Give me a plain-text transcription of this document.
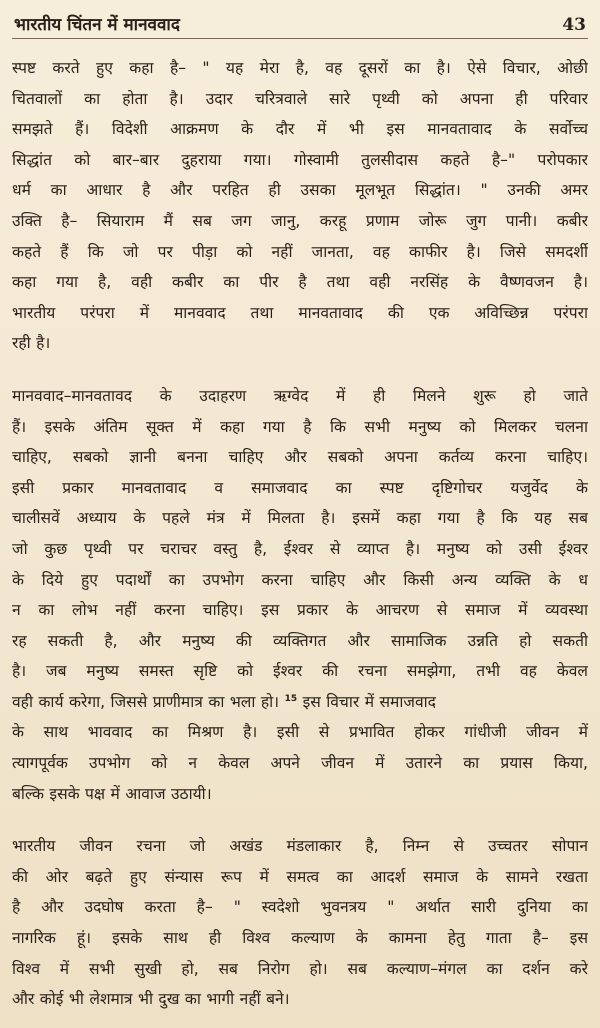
भारतीय चिंतन में मानववाद	43
स्पष्ट करते हुए कहा है– " यह मेरा है, वह दूसरों का है। ऐसे विचार, ओछी
चितवालों का होता है। उदार चरित्रवाले सारे पृथ्वी को अपना ही परिवार
समझते हैं। विदेशी आक्रमण के दौर में भी इस मानवतावाद के सर्वोच्च
सिद्धांत को बार–बार दुहराया गया। गोस्वामी तुलसीदास कहते है–" परोपकार
धर्म का आधार है और परहित ही उसका मूलभूत सिद्धांत। " उनकी अमर
उक्ति है– सियाराम मैं सब जग जानु, करहू प्रणाम जोरू जुग पानी। कबीर
कहते हैं कि जो पर पीड़ा को नहीं जानता, वह काफीर है। जिसे समदर्शी
कहा गया है, वही कबीर का पीर है तथा वही नरसिंह के वैष्णवजन है।
भारतीय परंपरा में मानववाद तथा मानवतावाद की एक अविच्छिन्न परंपरा
रही है।
मानववाद–मानवतावद के उदाहरण ऋग्वेद में ही मिलने शुरू हो जाते
हैं। इसके अंतिम सूक्त में कहा गया है कि सभी मनुष्य को मिलकर चलना
चाहिए, सबको ज्ञानी बनना चाहिए और सबको अपना कर्तव्य करना चाहिए।
इसी प्रकार मानवतावाद व समाजवाद का स्पष्ट दृष्टिगोचर यजुर्वेद के
चालीसवें अध्याय के पहले मंत्र में मिलता है। इसमें कहा गया है कि यह सब
जो कुछ पृथ्वी पर चराचर वस्तु है, ईश्वर से व्याप्त है। मनुष्य को उसी ईश्वर
के दिये हुए पदार्थों का उपभोग करना चाहिए और किसी अन्य व्यक्ति के ध
न का लोभ नहीं करना चाहिए। इस प्रकार के आचरण से समाज में व्यवस्था
रह सकती है, और मनुष्य की व्यक्तिगत और सामाजिक उन्नति हो सकती
है। जब मनुष्य समस्त सृष्टि को ईश्वर की रचना समझेगा, तभी वह केवल
वही कार्य करेगा, जिससे प्राणीमात्र का भला हो। $^{15}$ इस विचार में समाजवाद
के साथ भाववाद का मिश्रण है। इसी से प्रभावित होकर गांधीजी जीवन में
त्यागपूर्वक उपभोग को न केवल अपने जीवन में उतारने का प्रयास किया,
बल्कि इसके पक्ष में आवाज उठायी।
भारतीय जीवन रचना जो अखंड मंडलाकार है, निम्न से उच्चतर सोपान
की ओर बढ़ते हुए संन्यास रूप में समत्व का आदर्श समाज के सामने रखता
है और उदघोष करता है– " स्वदेशो भुवनत्रय " अर्थात सारी दुनिया का
नागरिक हूं। इसके साथ ही विश्व कल्याण के कामना हेतु गाता है– इस
विश्व में सभी सुखी हो, सब निरोग हो। सब कल्याण–मंगल का दर्शन करे
और कोई भी लेशमात्र भी दुख का भागी नहीं बने।
